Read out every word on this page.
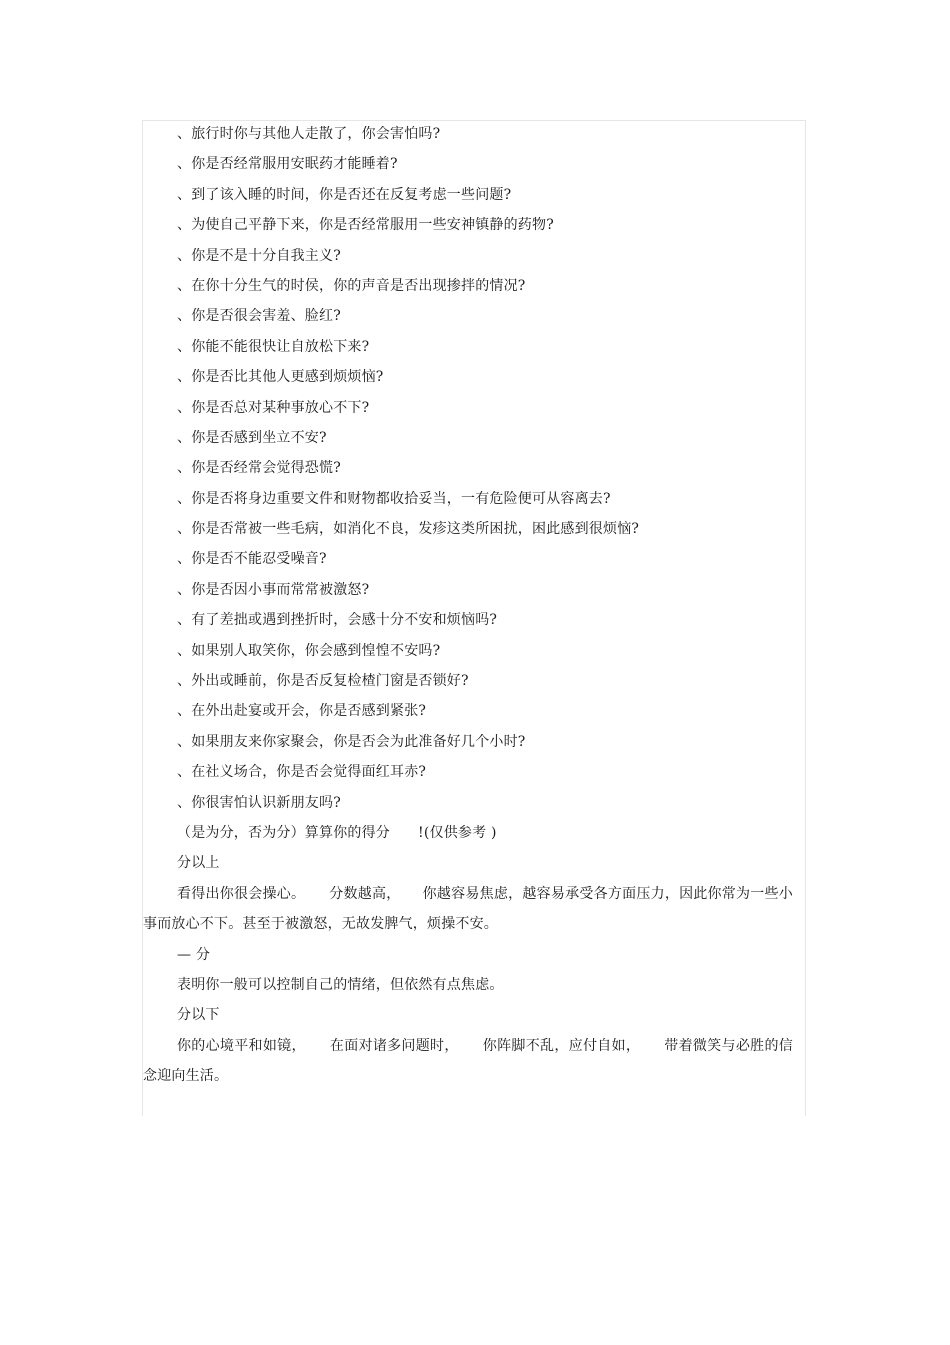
、旅行时你与其他人走散了，你会害怕吗?
、你是否经常服用安眠药才能睡着?
、到了该入睡的时间，你是否还在反复考虑一些问题?
、为使自己平静下来，你是否经常服用一些安神镇静的药物?
、你是不是十分自我主义?
、在你十分生气的时侯，你的声音是否出现掺拌的情况?
、你是否很会害羞、脸红?
、你能不能很快让自放松下来?
、你是否比其他人更感到烦烦恼?
、你是否总对某种事放心不下?
、你是否感到坐立不安?
、你是否经常会觉得恐慌?
、你是否将身边重要文件和财物都收拾妥当，一有危险便可从容离去?
、你是否常被一些毛病，如消化不良，发疹这类所困扰，困此感到很烦恼?
、你是否不能忍受噪音?
、你是否因小事而常常被激怒?
、有了差拙或遇到挫折时，会感十分不安和烦恼吗?
、如果别人取笑你，你会感到惶惶不安吗?
、外出或睡前，你是否反复检楂门窗是否锁好?
、在外出赴宴或开会，你是否感到紧张?
、如果朋友来你家聚会，你是否会为此准备好几个小时?
、在社义场合，你是否会觉得面红耳赤?
、你很害怕认识新朋友吗?
（是为分，否为分）算算你的得分 !(仅供参考 )
分以上
看得出你很会操心。 分数越高， 你越容易焦虑，越容易承受各方面压力，因此你常为一些小事而放心不下。甚至于被激怒，无故发脾气，烦操不安。
— 分
表明你一般可以控制自己的情绪，但依然有点焦虑。
分以下
你的心境平和如镜， 在面对诸多问题时， 你阵脚不乱，应付自如， 带着微笑与必胜的信念迎向生活。
